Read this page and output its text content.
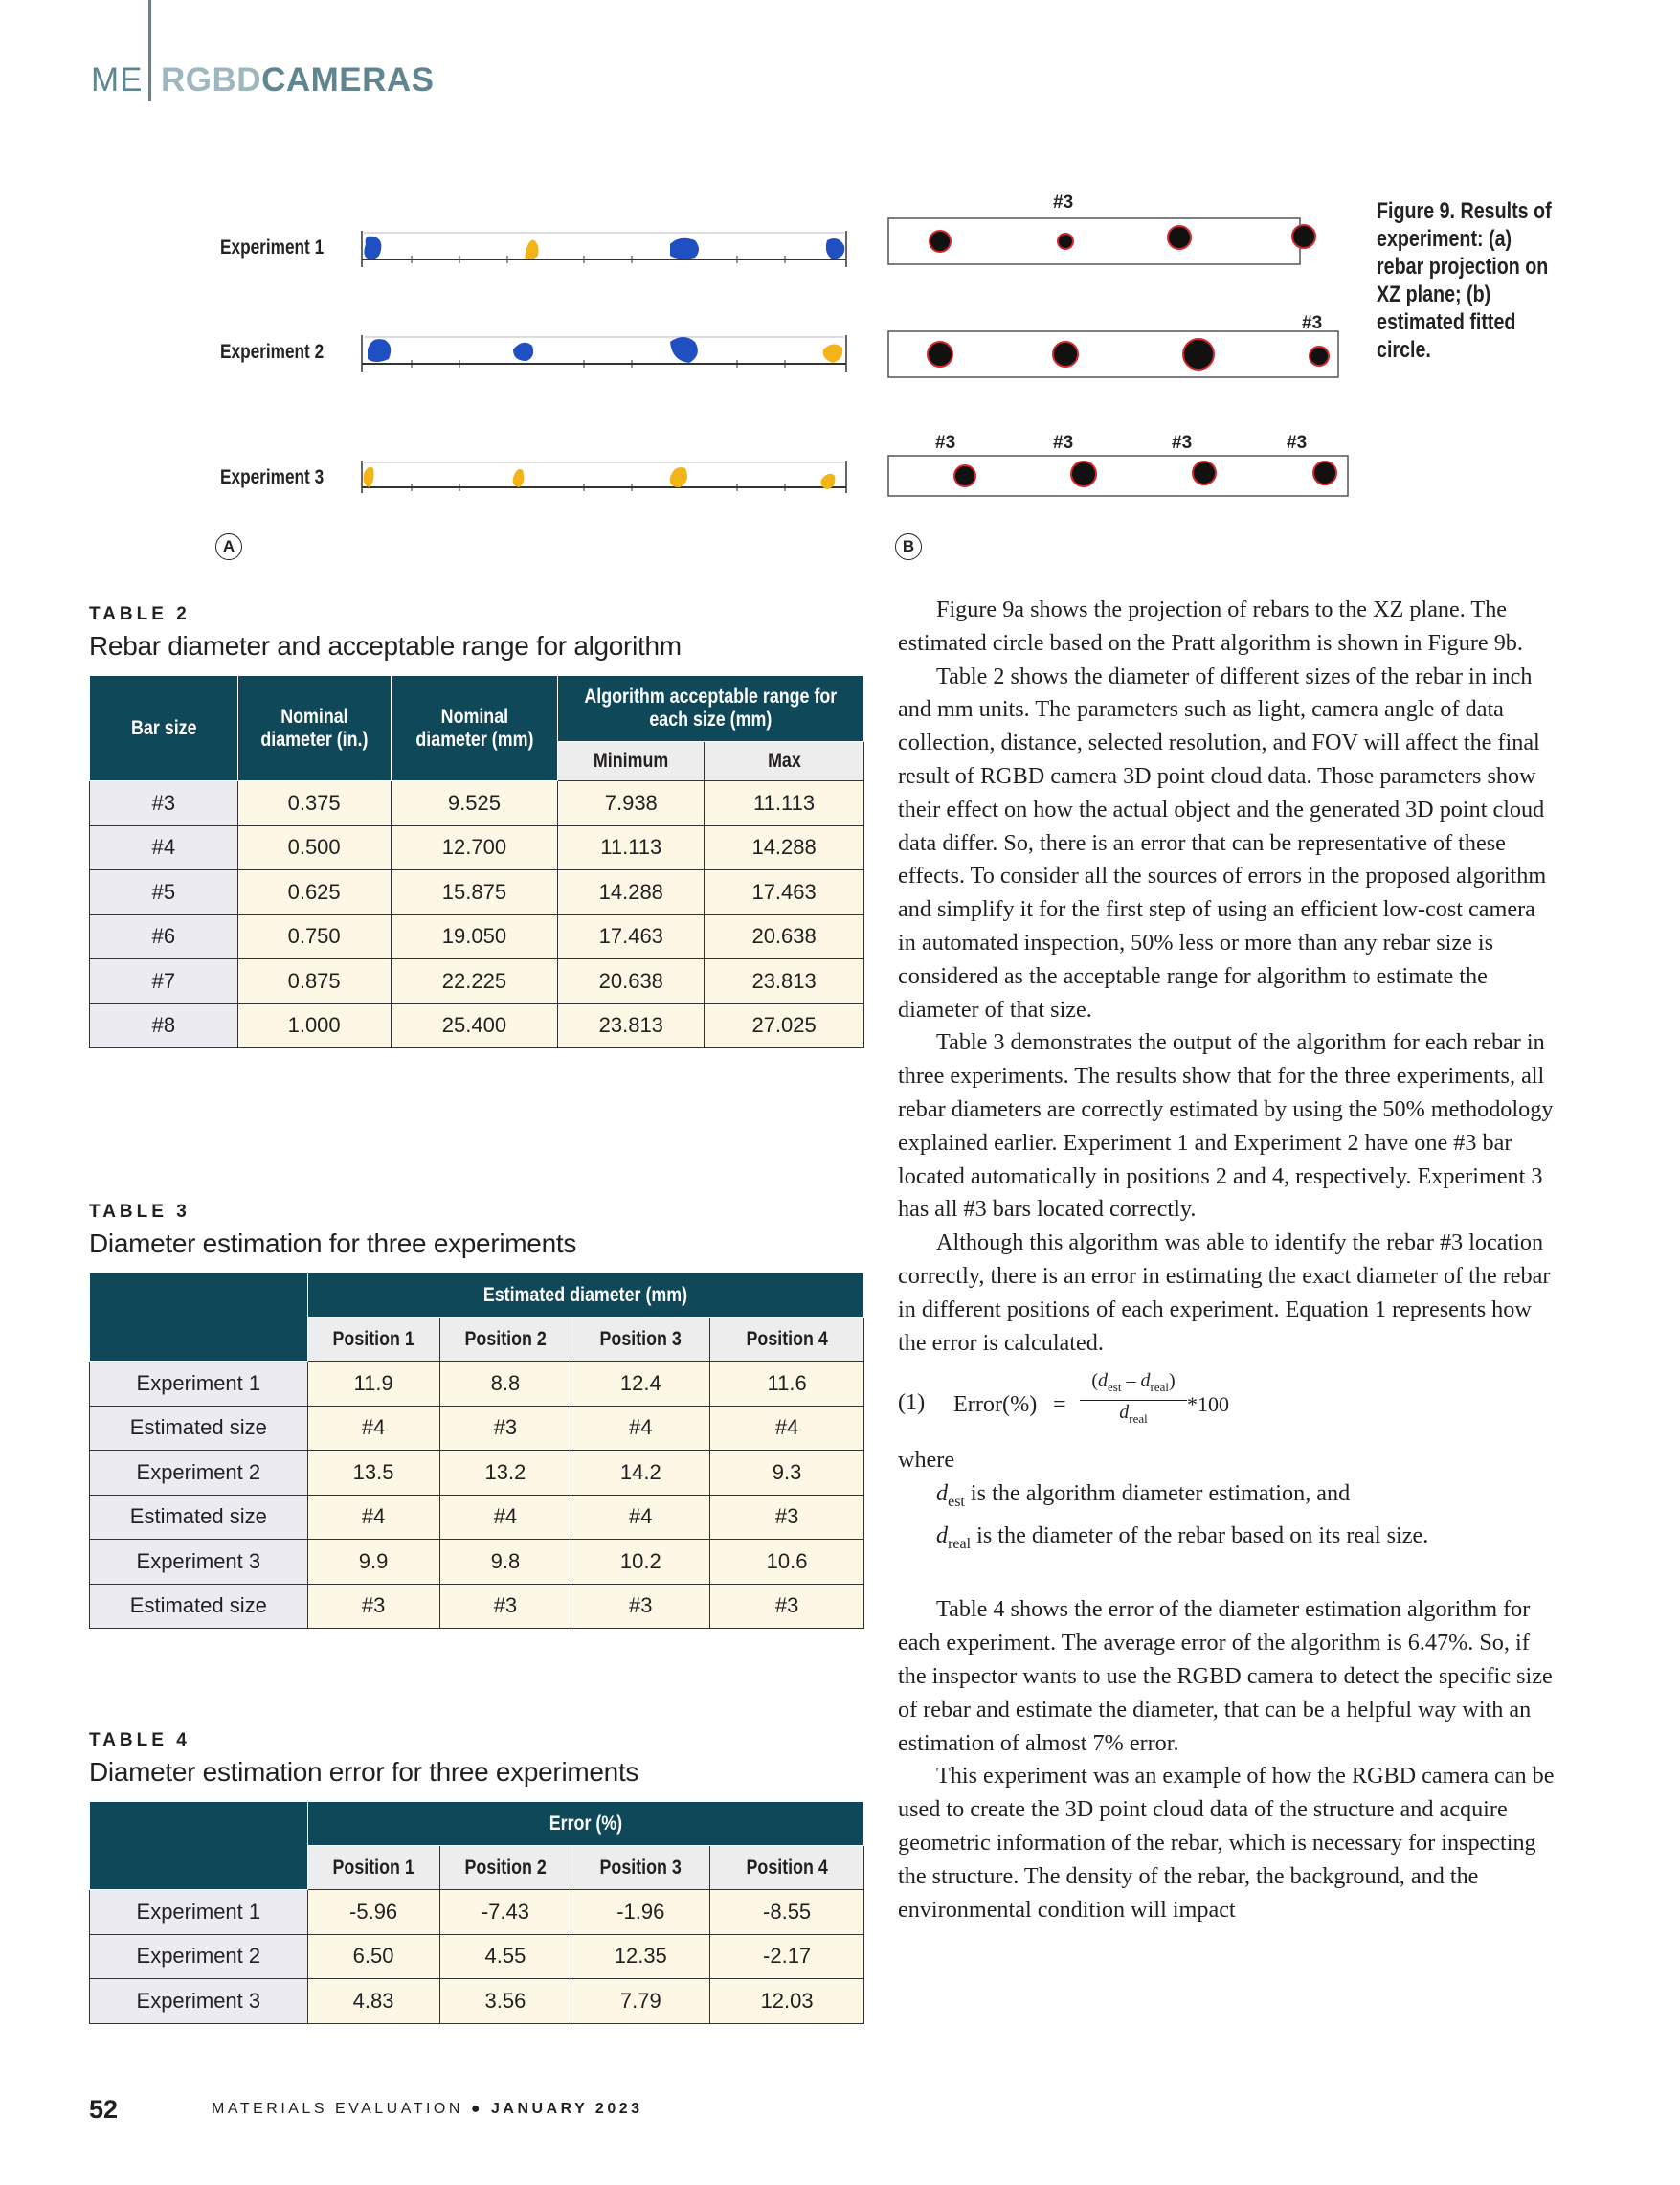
ME RGBDCAMERAS
Experiment 1
Experiment 2
Experiment 3
#3
#3
#3	#3	#3	#3
Figure 9. Results of experiment: (a) rebar projection on XZ plane; (b) estimated fitted circle.
A	B
TABLE 2
Rebar diameter and acceptable range for algorithm
Bar size	Nominal diameter (in.)	Nominal diameter (mm)	Algorithm acceptable range for each size (mm)	
			Minimum	Max
#3	0.375	9.525	7.938	11.113
#4	0.500	12.700	11.113	14.288
#5	0.625	15.875	14.288	17.463
#6	0.750	19.050	17.463	20.638
#7	0.875	22.225	20.638	23.813
#8	1.000	25.400	23.813	27.025
TABLE 3
Diameter estimation for three experiments
	Estimated diameter (mm)			
	Position 1	Position 2	Position 3	Position 4
Experiment 1	11.9	8.8	12.4	11.6
Estimated size	#4	#3	#4	#4
Experiment 2	13.5	13.2	14.2	9.3
Estimated size	#4	#4	#4	#3
Experiment 3	9.9	9.8	10.2	10.6
Estimated size	#3	#3	#3	#3
TABLE 4
Diameter estimation error for three experiments
	Error (%)			
	Position 1	Position 2	Position 3	Position 4
Experiment 1	-5.96	-7.43	-1.96	-8.55
Experiment 2	6.50	4.55	12.35	-2.17
Experiment 3	4.83	3.56	7.79	12.03

Figure 9a shows the projection of rebars to the XZ plane. The estimated circle based on the Pratt algorithm is shown in Figure 9b.

Table 2 shows the diameter of different sizes of the rebar in inch and mm units. The parameters such as light, camera angle of data collection, distance, selected resolution, and FOV will affect the final result of RGBD camera 3D point cloud data. Those parameters show their effect on how the actual object and the generated 3D point cloud data differ. So, there is an error that can be representative of these effects. To consider all the sources of errors in the proposed algorithm and simplify it for the first step of using an efficient low-cost camera in automated inspection, 50% less or more than any rebar size is considered as the acceptable range for algorithm to estimate the diameter of that size.

Table 3 demonstrates the output of the algorithm for each rebar in three experiments. The results show that for the three experiments, all rebar diameters are correctly estimated by using the 50% methodology explained earlier. Experiment 1 and Experiment 2 have one #3 bar located automatically in positions 2 and 4, respectively. Experiment 3 has all #3 bars located correctly.

Although this algorithm was able to identify the rebar #3 location correctly, there is an error in estimating the exact diameter of the rebar in different positions of each experiment. Equation 1 represents how the error is calculated.

(1) Error(%) =
$(d_{est} - d_{real})$
$d_{real}$
*100

where

$d_{est}$ is the algorithm diameter estimation, and

$d_{real}$ is the diameter of the rebar based on its real size.

Table 4 shows the error of the diameter estimation algorithm for each experiment. The average error of the algorithm is 6.47%. So, if the inspector wants to use the RGBD camera to detect the specific size of rebar and estimate the diameter, that can be a helpful way with an estimation of almost 7% error.

This experiment was an example of how the RGBD camera can be used to create the 3D point cloud data of the structure and acquire geometric information of the rebar, which is necessary for inspecting the structure. The density of the rebar, the background, and the environmental condition will impact

52	MATERIALS EVALUATION ● JANUARY 2023
